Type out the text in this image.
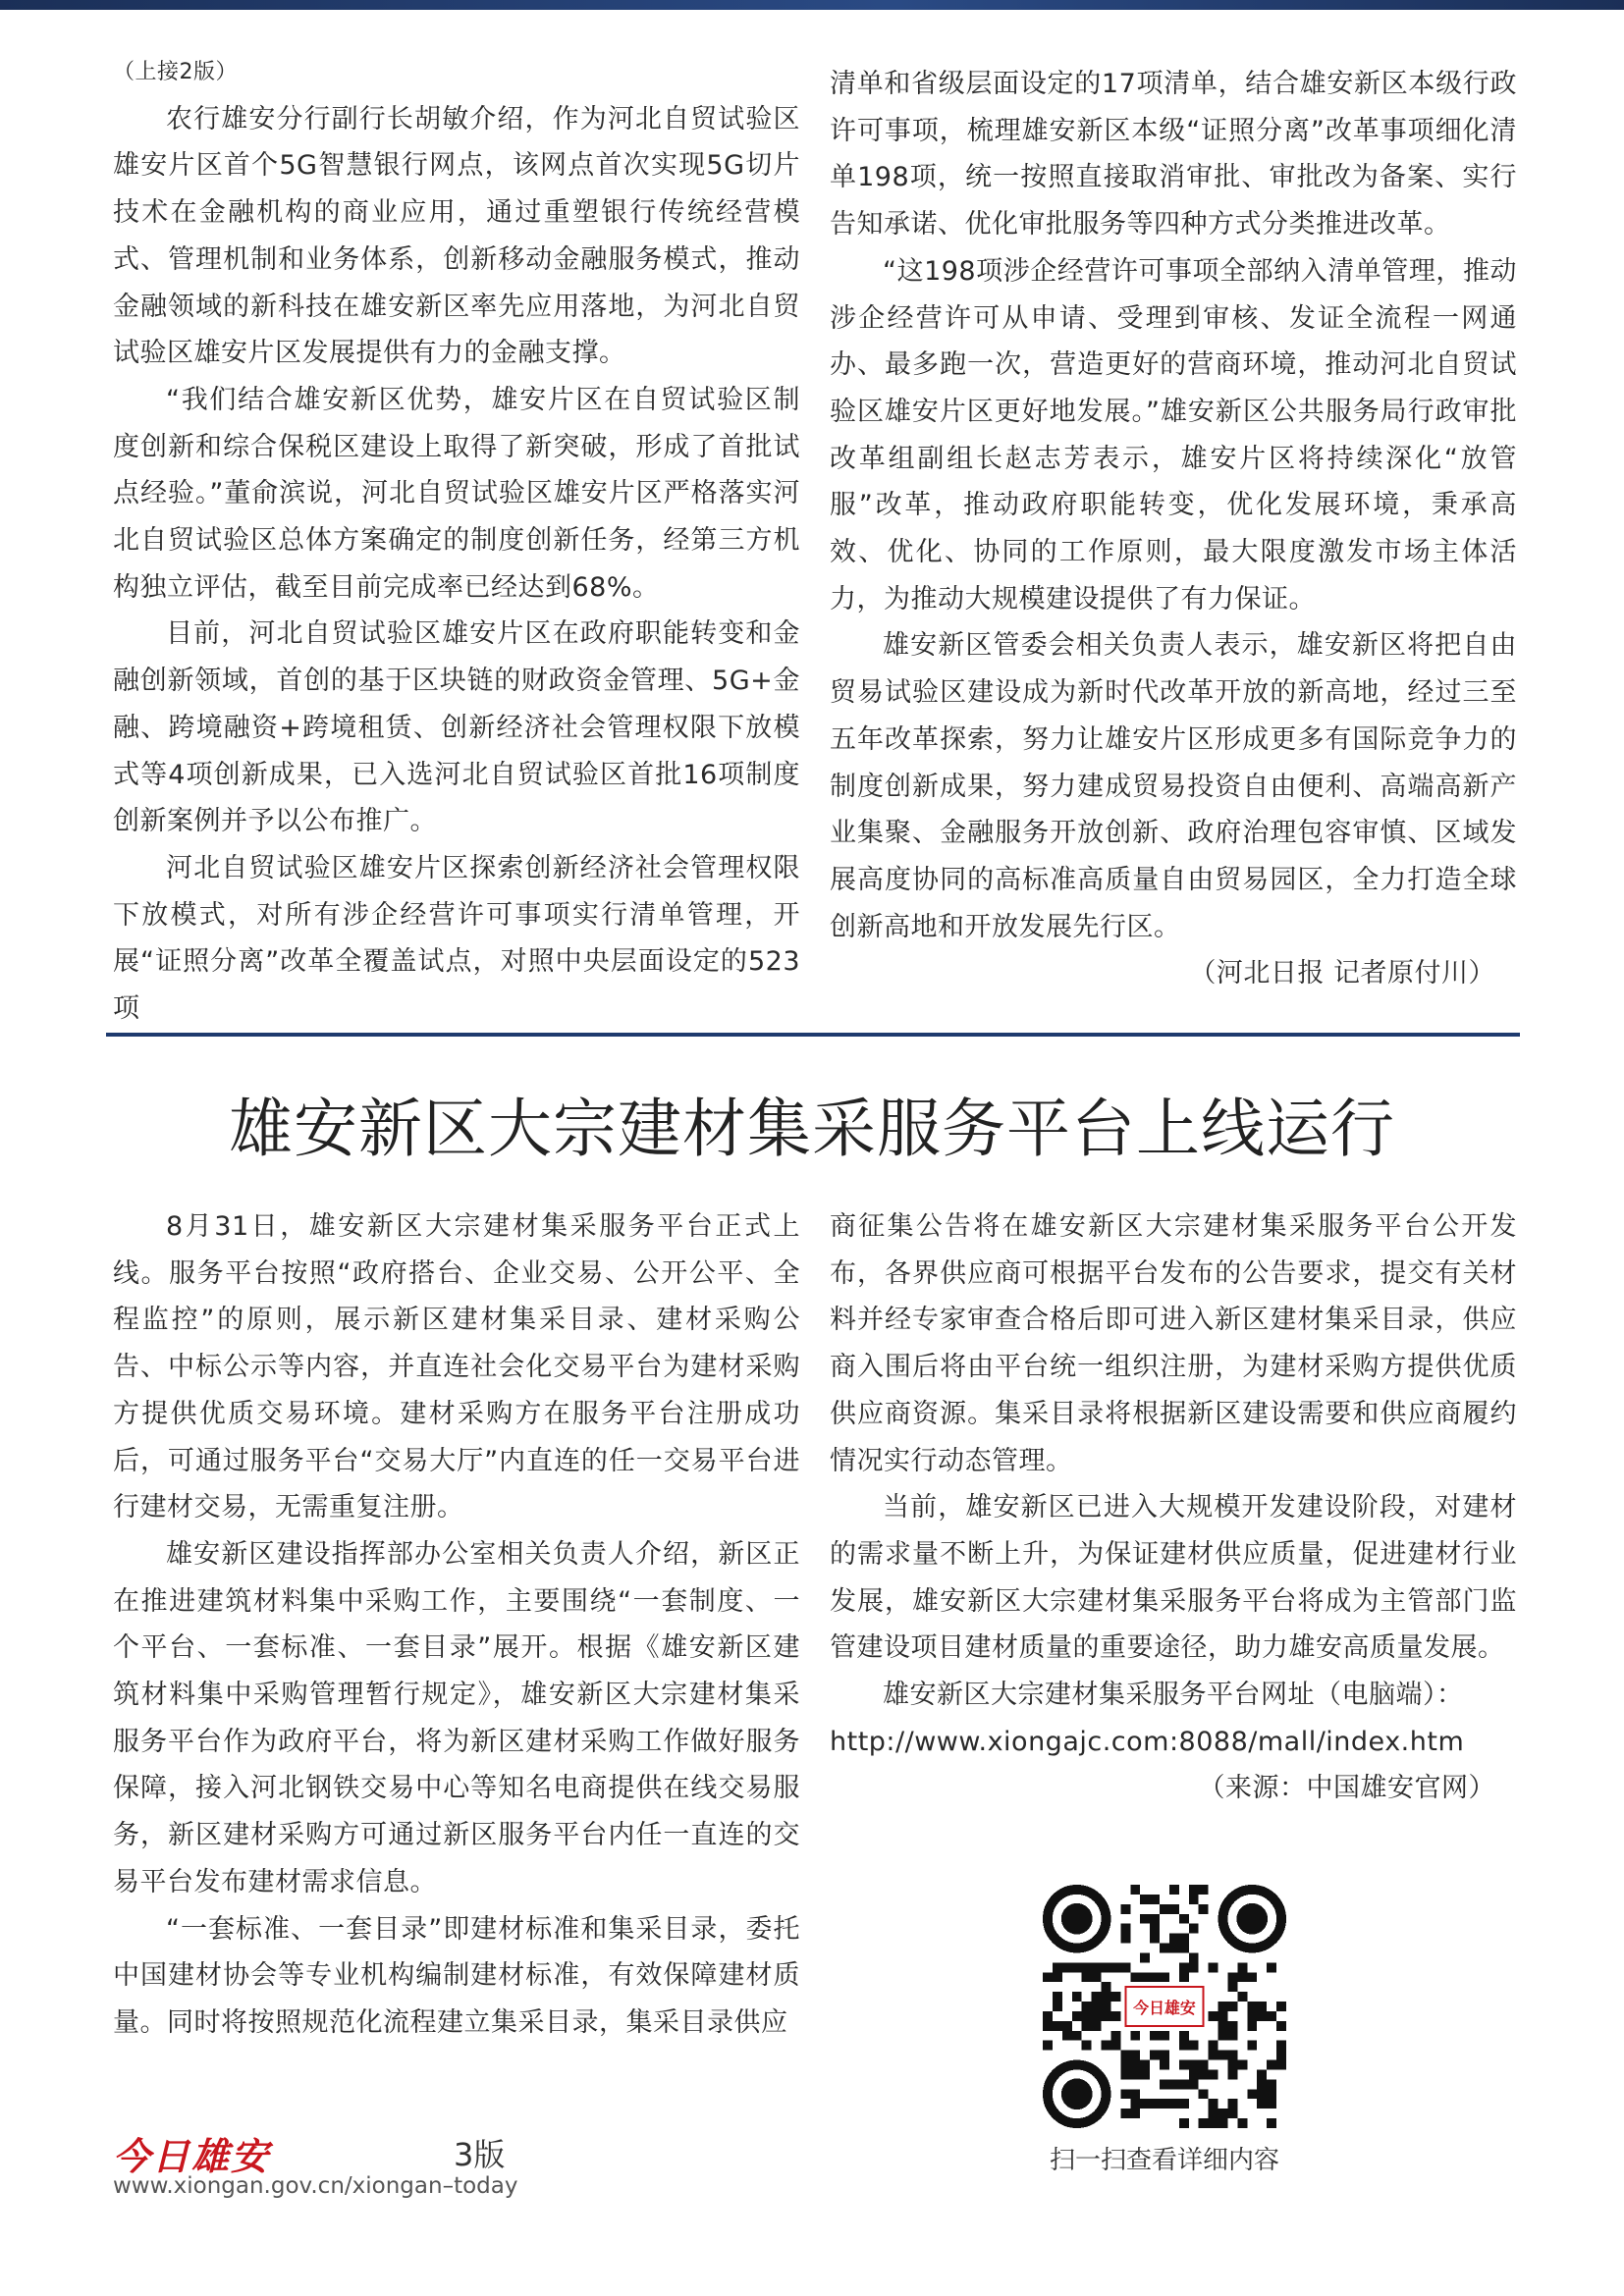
（上接2版）

农行雄安分行副行长胡敏介绍，作为河北自贸试验区雄安片区首个5G智慧银行网点，该网点首次实现5G切片技术在金融机构的商业应用，通过重塑银行传统经营模式、管理机制和业务体系，创新移动金融服务模式，推动金融领域的新科技在雄安新区率先应用落地，为河北自贸试验区雄安片区发展提供有力的金融支撑。

“我们结合雄安新区优势，雄安片区在自贸试验区制度创新和综合保税区建设上取得了新突破，形成了首批试点经验。”董俞滨说，河北自贸试验区雄安片区严格落实河北自贸试验区总体方案确定的制度创新任务，经第三方机构独立评估，截至目前完成率已经达到68%。

目前，河北自贸试验区雄安片区在政府职能转变和金融创新领域，首创的基于区块链的财政资金管理、5G+金融、跨境融资+跨境租赁、创新经济社会管理权限下放模式等4项创新成果，已入选河北自贸试验区首批16项制度创新案例并予以公布推广。

河北自贸试验区雄安片区探索创新经济社会管理权限下放模式，对所有涉企经营许可事项实行清单管理，开展“证照分离”改革全覆盖试点，对照中央层面设定的523项

清单和省级层面设定的17项清单，结合雄安新区本级行政许可事项，梳理雄安新区本级“证照分离”改革事项细化清单198项，统一按照直接取消审批、审批改为备案、实行告知承诺、优化审批服务等四种方式分类推进改革。

“这198项涉企经营许可事项全部纳入清单管理，推动涉企经营许可从申请、受理到审核、发证全流程一网通办、最多跑一次，营造更好的营商环境，推动河北自贸试验区雄安片区更好地发展。”雄安新区公共服务局行政审批改革组副组长赵志芳表示，雄安片区将持续深化“放管服”改革，推动政府职能转变，优化发展环境，秉承高效、优化、协同的工作原则，最大限度激发市场主体活力，为推动大规模建设提供了有力保证。

雄安新区管委会相关负责人表示，雄安新区将把自由贸易试验区建设成为新时代改革开放的新高地，经过三至五年改革探索，努力让雄安片区形成更多有国际竞争力的制度创新成果，努力建成贸易投资自由便利、高端高新产业集聚、金融服务开放创新、政府治理包容审慎、区域发展高度协同的高标准高质量自由贸易园区，全力打造全球创新高地和开放发展先行区。

（河北日报 记者原付川）

雄安新区大宗建材集采服务平台上线运行

8月31日，雄安新区大宗建材集采服务平台正式上线。服务平台按照“政府搭台、企业交易、公开公平、全程监控”的原则，展示新区建材集采目录、建材采购公告、中标公示等内容，并直连社会化交易平台为建材采购方提供优质交易环境。建材采购方在服务平台注册成功后，可通过服务平台“交易大厅”内直连的任一交易平台进行建材交易，无需重复注册。

雄安新区建设指挥部办公室相关负责人介绍，新区正在推进建筑材料集中采购工作，主要围绕“一套制度、一个平台、一套标准、一套目录”展开。根据《雄安新区建筑材料集中采购管理暂行规定》，雄安新区大宗建材集采服务平台作为政府平台，将为新区建材采购工作做好服务保障，接入河北钢铁交易中心等知名电商提供在线交易服务，新区建材采购方可通过新区服务平台内任一直连的交易平台发布建材需求信息。

“一套标准、一套目录”即建材标准和集采目录，委托中国建材协会等专业机构编制建材标准，有效保障建材质量。同时将按照规范化流程建立集采目录，集采目录供应

商征集公告将在雄安新区大宗建材集采服务平台公开发布，各界供应商可根据平台发布的公告要求，提交有关材料并经专家审查合格后即可进入新区建材集采目录，供应商入围后将由平台统一组织注册，为建材采购方提供优质供应商资源。集采目录将根据新区建设需要和供应商履约情况实行动态管理。

当前，雄安新区已进入大规模开发建设阶段，对建材的需求量不断上升，为保证建材供应质量，促进建材行业发展，雄安新区大宗建材集采服务平台将成为主管部门监管建设项目建材质量的重要途径，助力雄安高质量发展。

雄安新区大宗建材集采服务平台网址（电脑端）：

http://www.xiongajc.com:8088/mall/index.htm

（来源：中国雄安官网）

今日雄安
扫一扫查看详细内容
今日雄安	3版
www.xiongan.gov.cn/xiongan–today
